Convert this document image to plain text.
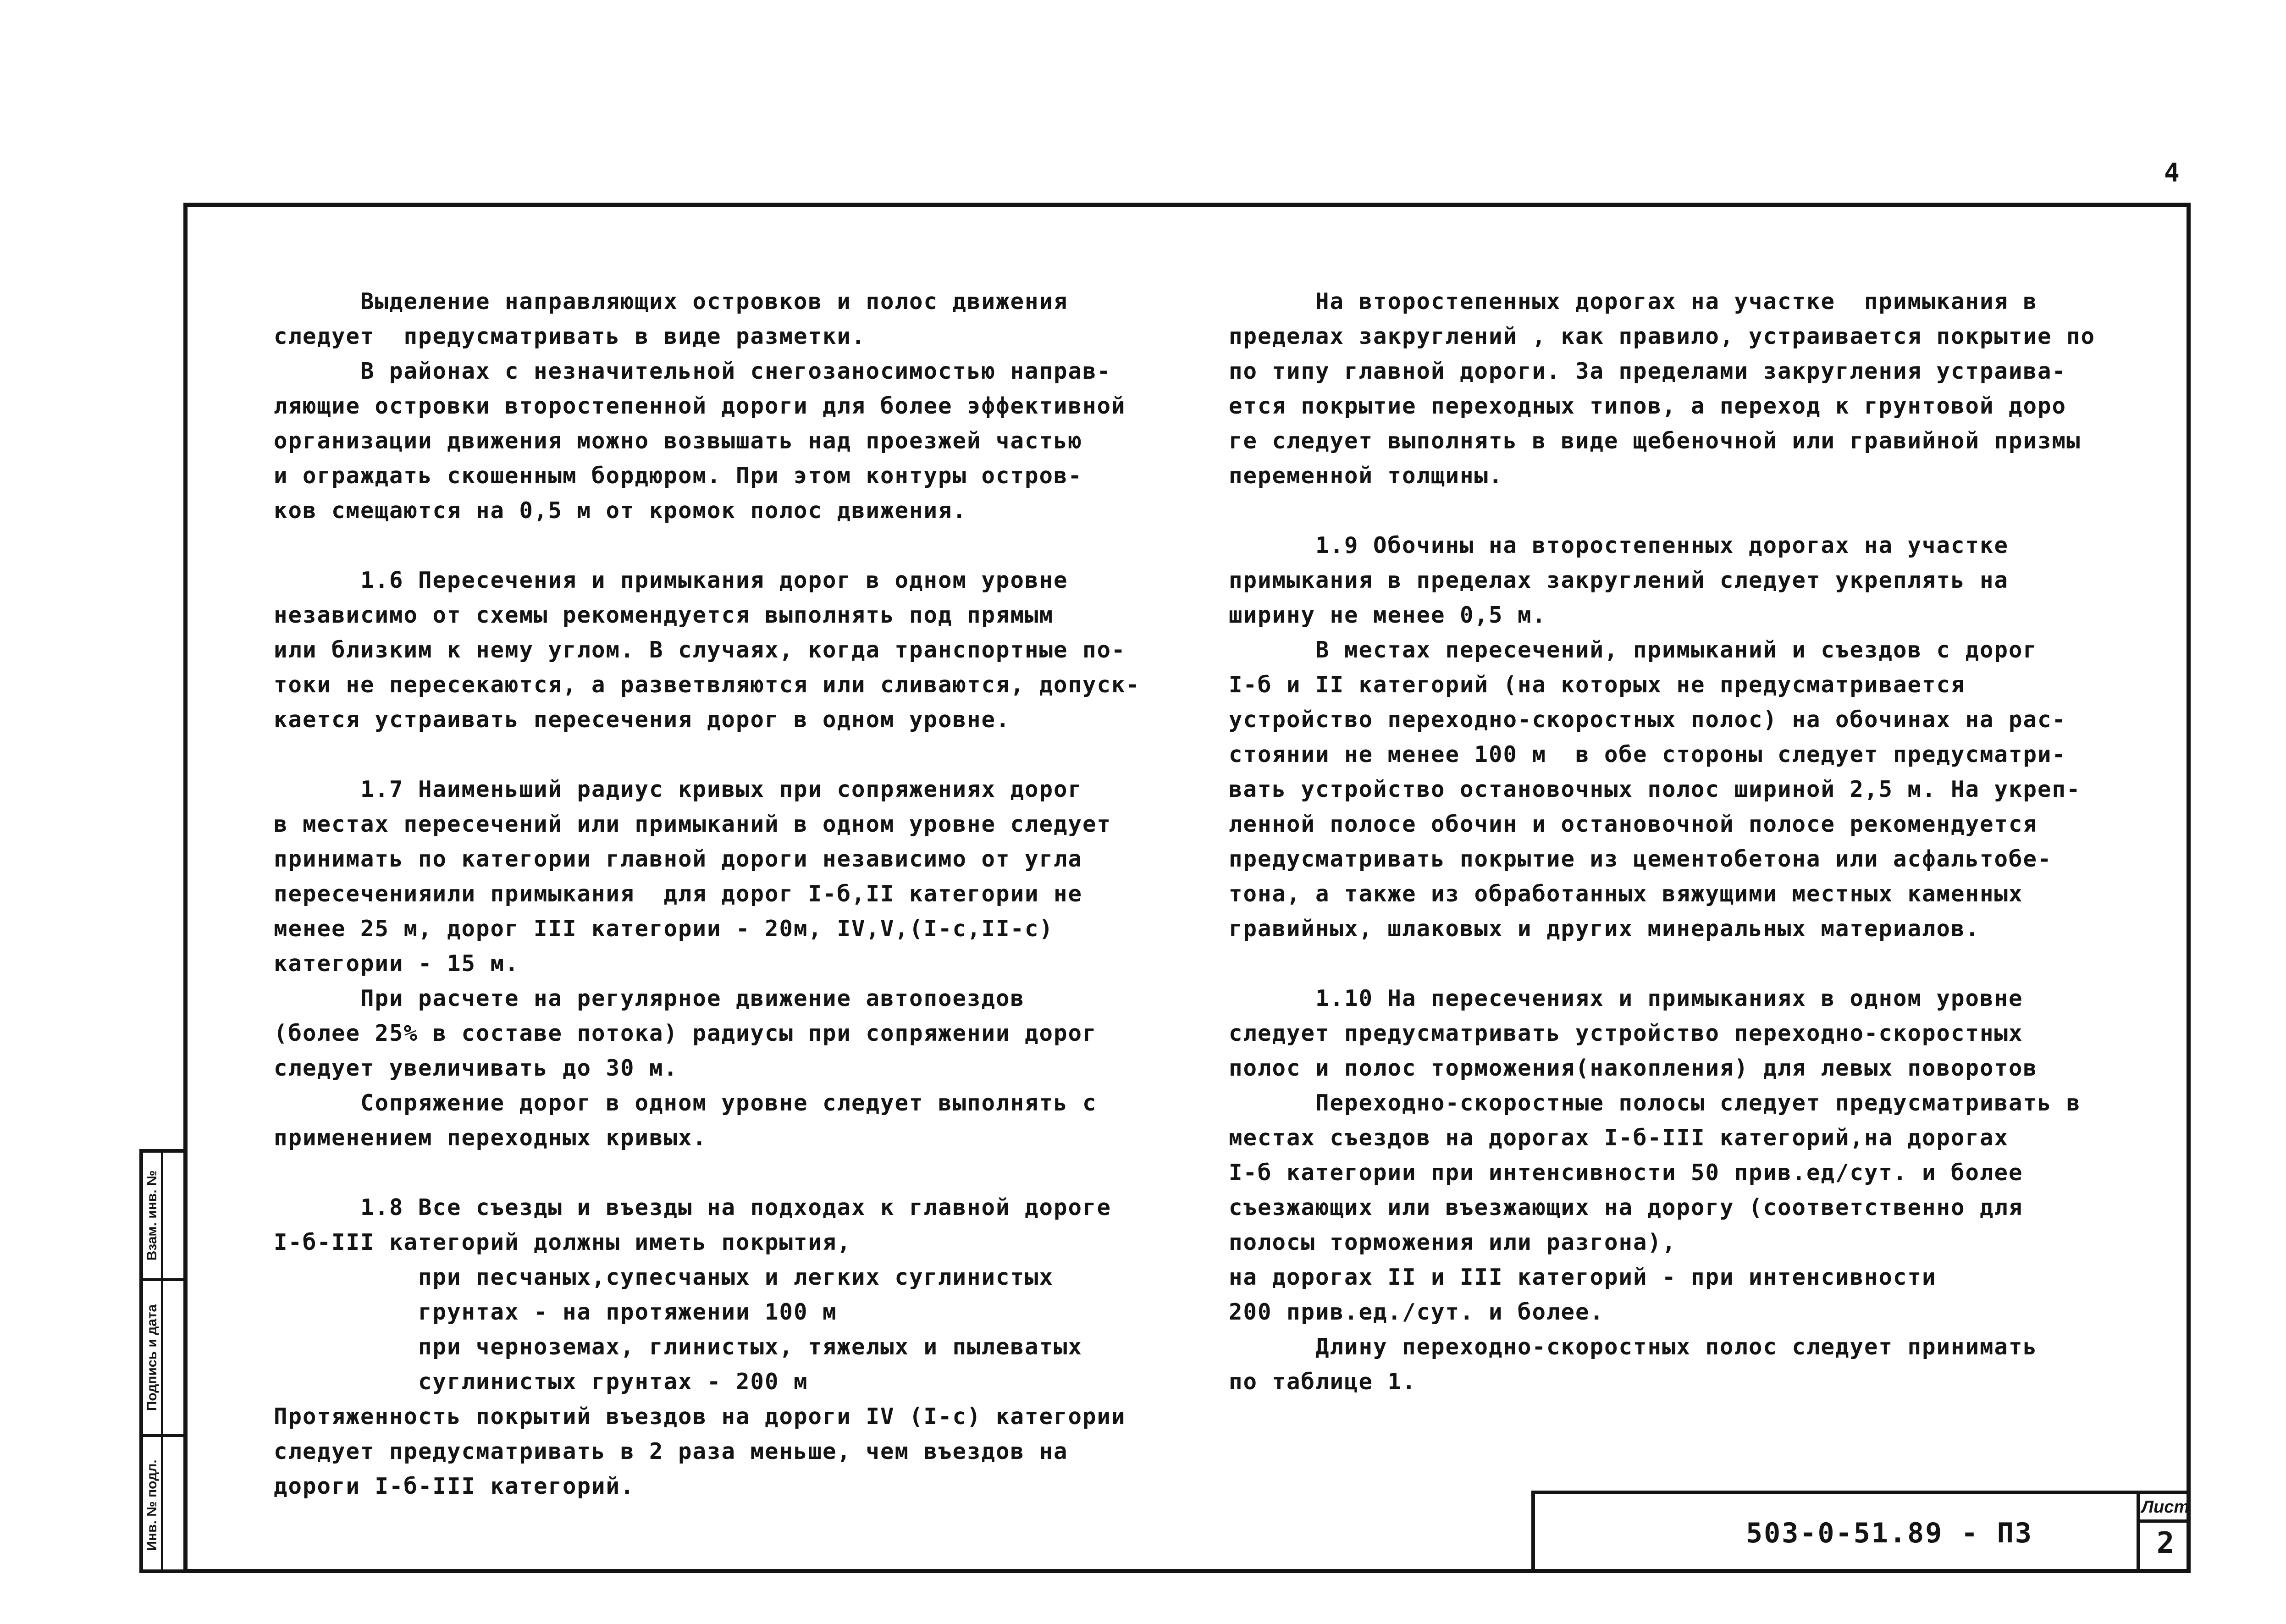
4
Выделение направляющих островков и полос движения
следует  предусматривать в виде разметки.
В районах с незначительной снегозаносимостью направ-
ляющие островки второстепенной дороги для более эффективной
организации движения можно возвышать над проезжей частью
и ограждать скошенным бордюром. При этом контуры остров-
ков смещаются на 0,5 м от кромок полос движения.
1.6 Пересечения и примыкания дорог в одном уровне
независимо от схемы рекомендуется выполнять под прямым
или близким к нему углом. В случаях, когда транспортные по-
токи не пересекаются, а разветвляются или сливаются, допуск-
кается устраивать пересечения дорог в одном уровне.
1.7 Наименьший радиус кривых при сопряжениях дорог
в местах пересечений или примыканий в одном уровне следует
принимать по категории главной дороги независимо от угла
пересеченияили примыкания  для дорог I-б,II категории не
менее 25 м, дорог III категории - 20м, IV,V,(I-с,II-с)
категории - 15 м.
При расчете на регулярное движение автопоездов
(более 25% в составе потока) радиусы при сопряжении дорог
следует увеличивать до 30 м.
Сопряжение дорог в одном уровне следует выполнять с
применением переходных кривых.
1.8 Все съезды и въезды на подходах к главной дороге
I-б-III категорий должны иметь покрытия,
при песчаных,супесчаных и легких суглинистых
грунтах - на протяжении 100 м
при черноземах, глинистых, тяжелых и пылеватых
суглинистых грунтах - 200 м
Протяженность покрытий въездов на дороги IV (I-с) категории
следует предусматривать в 2 раза меньше, чем въездов на
дороги I-б-III категорий.
На второстепенных дорогах на участке  примыкания в
пределах закруглений , как правило, устраивается покрытие по
по типу главной дороги. За пределами закругления устраива-
ется покрытие переходных типов, а переход к грунтовой доро
ге следует выполнять в виде щебеночной или гравийной призмы
переменной толщины.
1.9 Обочины на второстепенных дорогах на участке
примыкания в пределах закруглений следует укреплять на
ширину не менее 0,5 м.
В местах пересечений, примыканий и съездов с дорог
I-б и II категорий (на которых не предусматривается
устройство переходно-скоростных полос) на обочинах на рас-
стоянии не менее 100 м  в обе стороны следует предусматри-
вать устройство остановочных полос шириной 2,5 м. На укреп-
ленной полосе обочин и остановочной полосе рекомендуется
предусматривать покрытие из цементобетона или асфальтобе-
тона, а также из обработанных вяжущими местных каменных
гравийных, шлаковых и других минеральных материалов.
1.10 На пересечениях и примыканиях в одном уровне
следует предусматривать устройство переходно-скоростных
полос и полос торможения(накопления) для левых поворотов
Переходно-скоростные полосы следует предусматривать в
местах съездов на дорогах I-б-III категорий,на дорогах
I-б категории при интенсивности 50 прив.ед/сут. и более
съезжающих или въезжающих на дорогу (соответственно для
полосы торможения или разгона),
на дорогах II и III категорий - при интенсивности
200 прив.ед./сут. и более.
Длину переходно-скоростных полос следует принимать
по таблице 1.
Взам. инв. №
Подпись и дата
Инв. № подл.	503-0-51.89 - ПЗ
Лист
2
